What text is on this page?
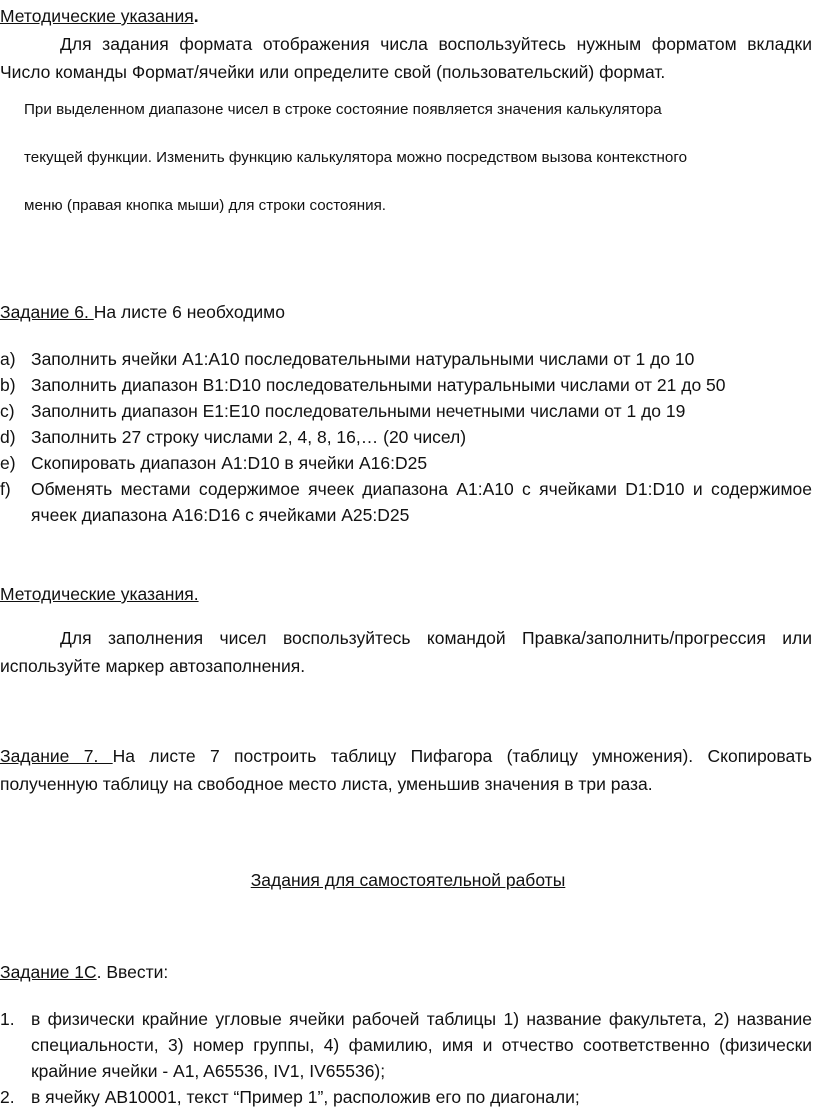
Методические указания.

Для задания формата отображения числа воспользуйтесь нужным форматом вкладки Число команды Формат/ячейки или определите свой (пользовательский) формат.

При выделенном диапазоне чисел в строке состояние появляется значения калькулятора

текущей функции. Изменить функцию калькулятора можно посредством вызова контекстного

меню (правая кнопка мыши) для строки состояния.

Задание 6. На листе 6 необходимо

a) Заполнить ячейки A1:A10 последовательными натуральными числами от 1 до 10
b) Заполнить диапазон B1:D10 последовательными натуральными числами от 21 до 50
c) Заполнить диапазон E1:E10 последовательными нечетными числами от 1 до 19
d) Заполнить 27 строку числами 2, 4, 8, 16,… (20 чисел)
e) Скопировать диапазон A1:D10 в ячейки A16:D25
f) Обменять местами содержимое ячеек диапазона A1:A10 с ячейками D1:D10 и содержимое ячеек диапазона A16:D16 с ячейками A25:D25

Методические указания.

Для заполнения чисел воспользуйтесь командой Правка/заполнить/прогрессия или используйте маркер автозаполнения.

Задание 7. На листе 7 построить таблицу Пифагора (таблицу умножения). Скопировать полученную таблицу на свободное место листа, уменьшив значения в три раза.

Задания для самостоятельной работы

Задание 1С. Ввести:

1. в физически крайние угловые ячейки рабочей таблицы 1) название факультета, 2) название специальности, 3) номер группы, 4) фамилию, имя и отчество соответственно (физически крайние ячейки - A1, A65536, IV1, IV65536);
2. в ячейку AB10001, текст “Пример 1”, расположив его по диагонали;
